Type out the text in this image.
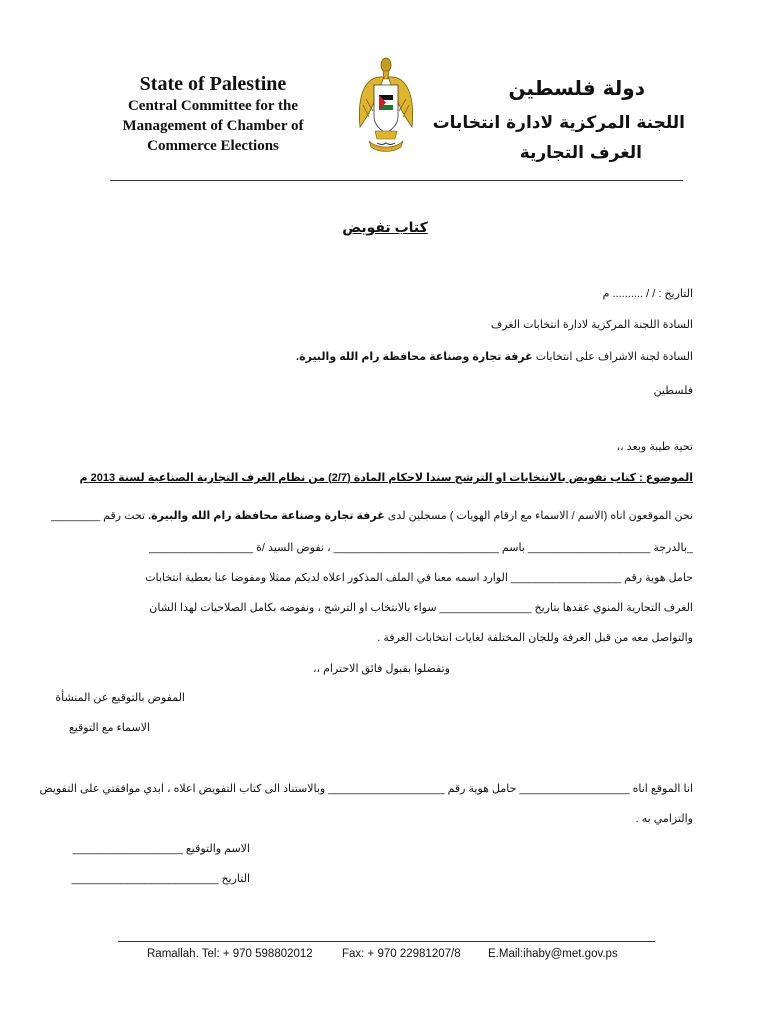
State of Palestine
Central Committee for the
Management of Chamber of
Commerce Elections
دولة فلسطين
اللجنة المركزية لادارة انتخابات
الغرف التجارية
كتاب تفويض
التاريخ : / / .......... م
السادة اللجنة المركزية لادارة انتخابات الغرف
السادة لجنة الاشراف على انتخابات غرفة تجارة وصناعة محافظة رام الله والبيرة.
فلسطين
تحية طيبة وبعد ،،
الموضوع : كتاب تفويض بالانتخابات او الترشح سندا لاحكام المادة (2/7) من نظام الغرف التجارية الصناعية لسنة 2013 م
نحن الموقعون اناه (الاسم / الاسماء مع ارقام الهويات ) مسجلين لدى غرفة تجارة وصناعة محافظة رام الله والبيرة. تحت رقم ________
_بالدرجة ____________________ باسم ___________________________ ، نفوض السيد /ة _________________
حامل هوية رقم __________________ الوارد اسمه معنا في الملف المذكور اعلاه لديكم ممثلا ومفوضا عنا بعطية انتخابات
الغرف التجارية المنوي عقدها بتاريخ _______________ سواء بالانتخاب او الترشح ، ونفوضه بكامل الصلاحيات لهذا الشان
والتواصل معه من قبل الغرفة وللجان المختلفة لغايات انتخابات الغرفة .
وتفضلوا بقبول فائق الاحترام ،،
المفوض بالتوقيع عن المنشأة
الاسماء مع التوقيع
انا الموقع اناه __________________ حامل هوية رقم ___________________ وبالاستناد الى كتاب التفويض اعلاه ، ابدي موافقتي على التفويض
والتزامي به .
الاسم والتوقيع __________________
التاريخ ________________________
Ramallah. Tel: + 970 598802012	Fax: + 970 22981207/8 E.Mail:ihaby@met.gov.ps
